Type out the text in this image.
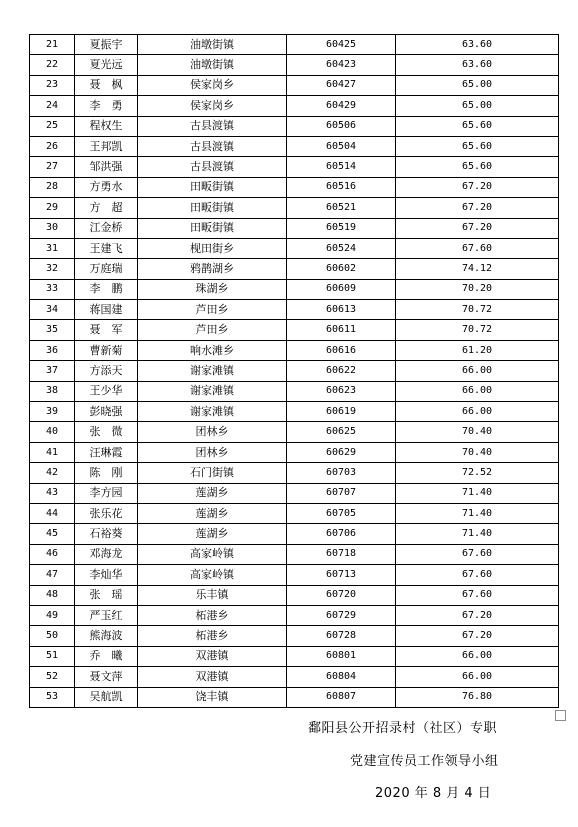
21	夏振宇	油墩街镇	60425	63.60
22	夏光远	油墩街镇	60423	63.60
23	聂　枫	侯家岗乡	60427	65.00
24	李　勇	侯家岗乡	60429	65.00
25	程权生	古县渡镇	60506	65.60
26	王邦凯	古县渡镇	60504	65.60
27	邹洪强	古县渡镇	60514	65.60
28	方勇水	田畈街镇	60516	67.20
29	方　超	田畈街镇	60521	67.20
30	江金桥	田畈街镇	60519	67.20
31	王建飞	枧田街乡	60524	67.60
32	万庭瑞	鸦鹊湖乡	60602	74.12
33	李　鹏	珠湖乡	60609	70.20
34	蒋国建	芦田乡	60613	70.72
35	聂　军	芦田乡	60611	70.72
36	曹新菊	响水滩乡	60616	61.20
37	方添天	谢家滩镇	60622	66.00
38	王少华	谢家滩镇	60623	66.00
39	彭晓强	谢家滩镇	60619	66.00
40	张　微	团林乡	60625	70.40
41	汪琳霞	团林乡	60629	70.40
42	陈　刚	石门街镇	60703	72.52
43	李方园	莲湖乡	60707	71.40
44	张乐花	莲湖乡	60705	71.40
45	石裕葵	莲湖乡	60706	71.40
46	邓海龙	高家岭镇	60718	67.60
47	李灿华	高家岭镇	60713	67.60
48	张　瑶	乐丰镇	60720	67.60
49	严玉红	柘港乡	60729	67.20
50	熊海波	柘港乡	60728	67.20
51	乔　曦	双港镇	60801	66.00
52	聂文萍	双港镇	60804	66.00
53	吴航凯	饶丰镇	60807	76.80
鄱阳县公开招录村（社区）专职
党建宣传员工作领导小组
2020 年 8 月 4 日
